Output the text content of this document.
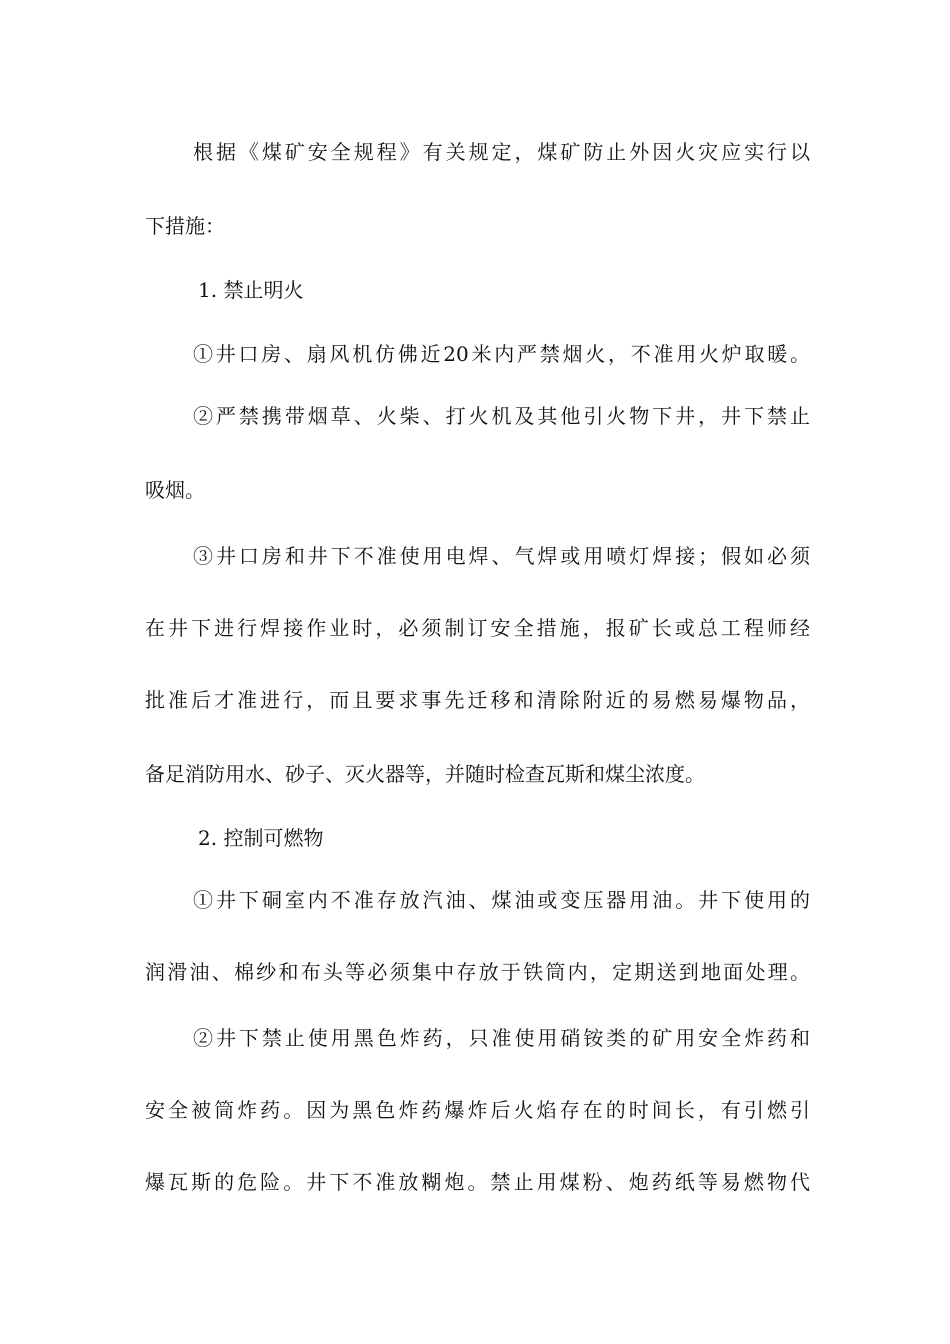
根据《煤矿安全规程》有关规定，煤矿防止外因火灾应实行以
下措施：
1. 禁止明火
①井口房、扇风机仿佛近20米内严禁烟火，不准用火炉取暖。
②严禁携带烟草、火柴、打火机及其他引火物下井，井下禁止
吸烟。
③井口房和井下不准使用电焊、气焊或用喷灯焊接；假如必须
在井下进行焊接作业时，必须制订安全措施，报矿长或总工程师经
批准后才准进行，而且要求事先迁移和清除附近的易燃易爆物品，
备足消防用水、砂子、灭火器等，并随时检查瓦斯和煤尘浓度。
2. 控制可燃物
①井下硐室内不准存放汽油、煤油或变压器用油。井下使用的
润滑油、棉纱和布头等必须集中存放于铁筒内，定期送到地面处理。
②井下禁止使用黑色炸药，只准使用硝铵类的矿用安全炸药和
安全被筒炸药。因为黑色炸药爆炸后火焰存在的时间长，有引燃引
爆瓦斯的危险。井下不准放糊炮。禁止用煤粉、炮药纸等易燃物代
